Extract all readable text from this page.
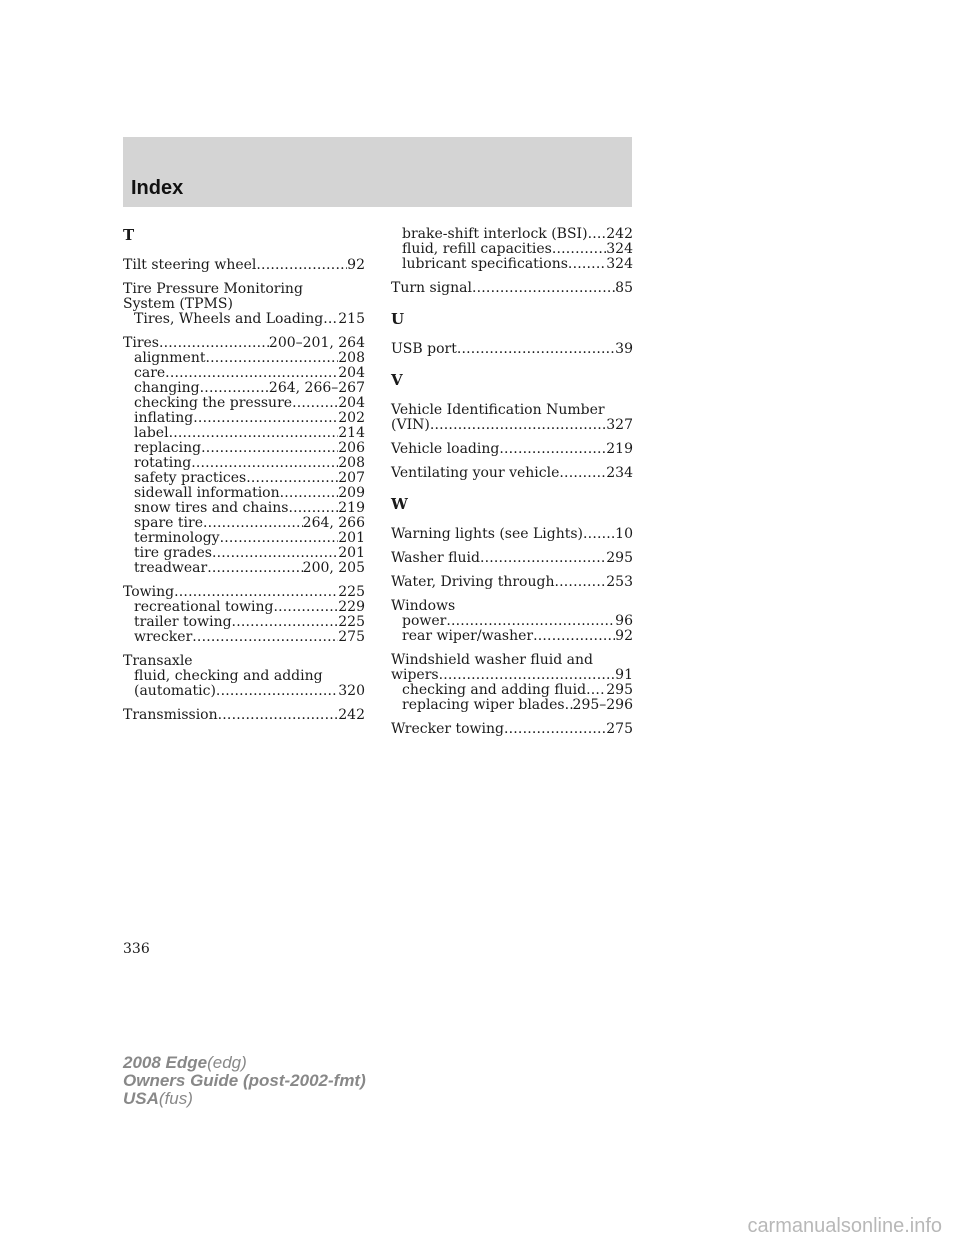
Index
T
Tilt steering wheel .....	92
Tire Pressure Monitoring
System (TPMS)
Tires, Wheels and Loading ..... 215
Tires .....	200–201, 264
alignment .....	208
care .....	204
changing .....	264, 266–267
checking the pressure .....	204
inflating .....	202
label .....	214
replacing .....	206
rotating .....	208
safety practices .....	207
sidewall information .....	209
snow tires and chains .....	219
spare tire .....	264, 266
terminology .....	201
tire grades .....	201
treadwear .....	200, 205
Towing .....	225
recreational towing .....	229
trailer towing .....	225
wrecker .....	275
Transaxle
fluid, checking and adding
(automatic) .....	320
Transmission .....	242
brake-shift interlock (BSI) ..... 242
fluid, refill capacities .....	324
lubricant specifications .....	324
Turn signal .....	85
U
USB port .....	39
V
Vehicle Identification Number
(VIN) .....	327
Vehicle loading .....	219
Ventilating your vehicle .....	234
W
Warning lights (see Lights) ..... 10
Washer fluid .....	295
Water, Driving through .....	253
Windows
power .....	96
rear wiper/washer .....	92
Windshield washer fluid and
wipers .....	91
checking and adding fluid ..... 295
replacing wiper blades ..... 295–296
Wrecker towing .....	275
336
2008 Edge(edg)
Owners Guide (post-2002-fmt)
USA(fus)
carmanualsonline.info
